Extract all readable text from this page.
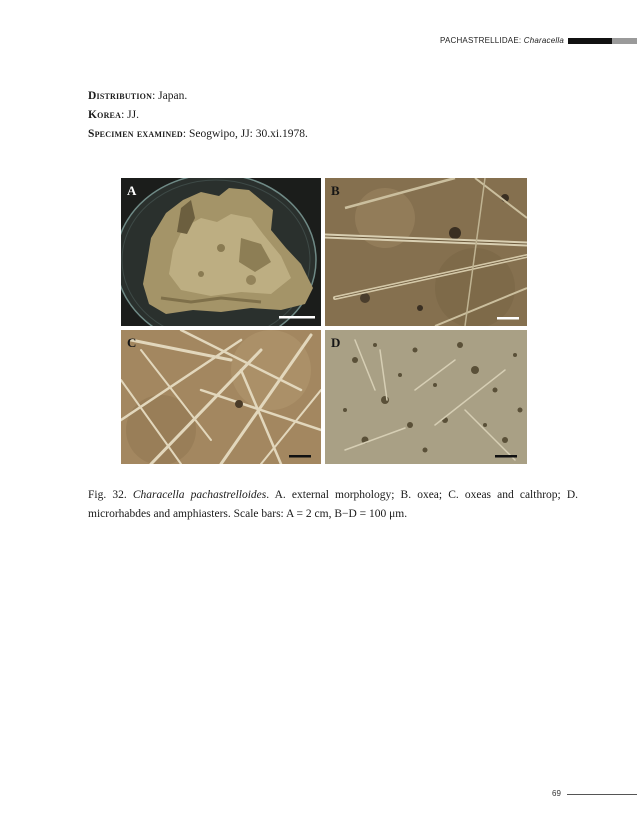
PACHASTRELLIDAE: Characella
Distribution: Japan.
Korea: JJ.
Specimen examined: Seogwipo, JJ: 30.xi.1978.
A	B
C	D
Fig. 32. Characella pachastrelloides. A. external morphology; B. oxea; C. oxeas and calthrop; D. microrhabdes and amphiasters. Scale bars: A = 2 cm, B−D = 100 μm.
69
